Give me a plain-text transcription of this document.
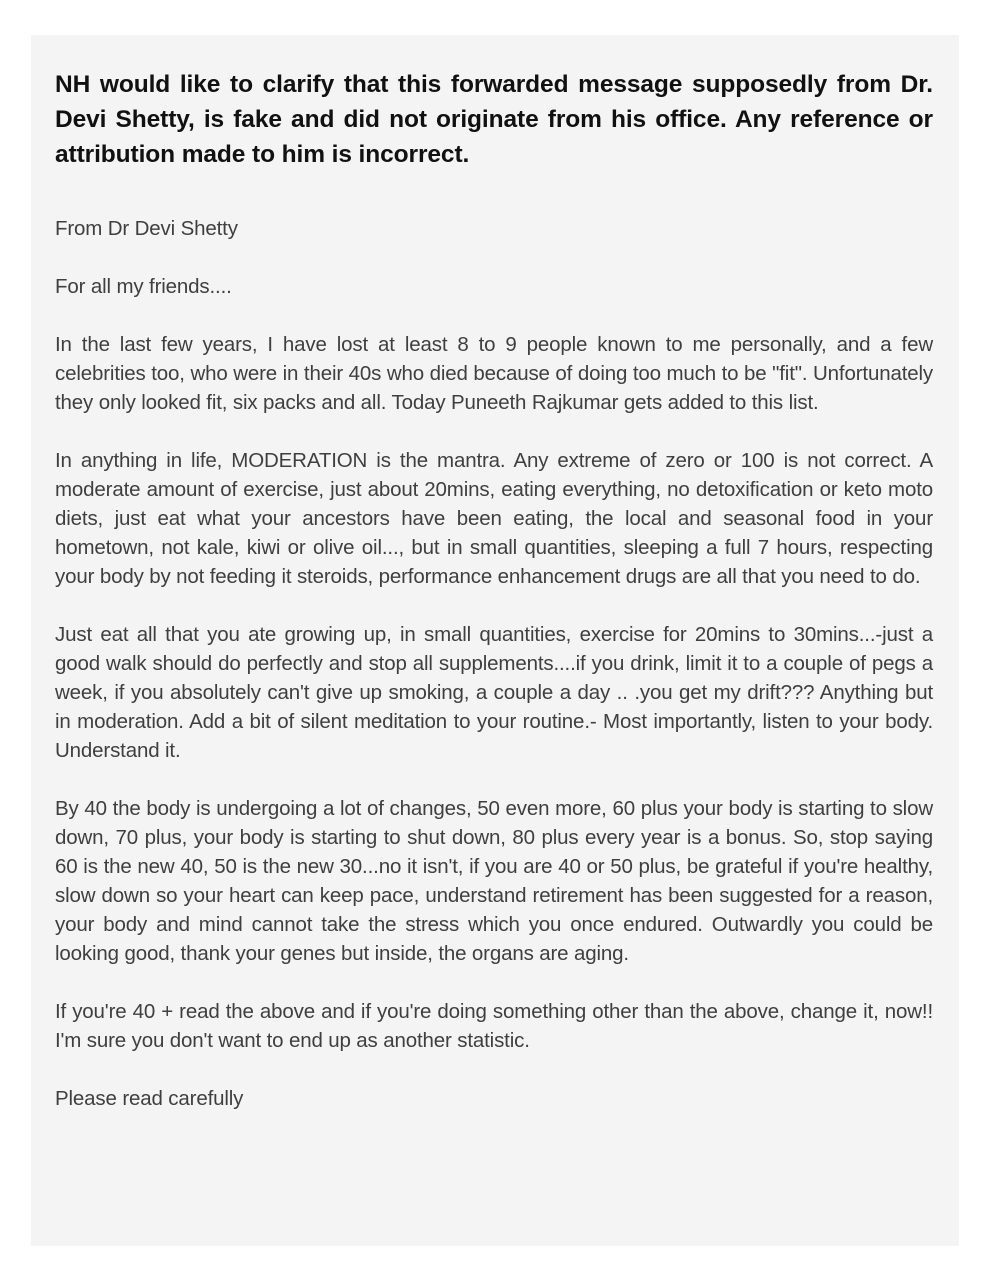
NH would like to clarify that this forwarded message supposedly from Dr. Devi Shetty, is fake and did not originate from his office. Any reference or attribution made to him is incorrect.

From Dr Devi Shetty

For all my friends....

In the last few years, I have lost at least 8 to 9 people known to me personally, and a few celebrities too, who were in their 40s who died because of doing too much to be "fit". Unfortunately they only looked fit, six packs and all. Today Puneeth Rajkumar gets added to this list.

In anything in life, MODERATION is the mantra. Any extreme of zero or 100 is not correct. A moderate amount of exercise, just about 20mins, eating everything, no detoxification or keto moto diets, just eat what your ancestors have been eating, the local and seasonal food in your hometown, not kale, kiwi or olive oil..., but in small quantities, sleeping a full 7 hours, respecting your body by not feeding it steroids, performance enhancement drugs are all that you need to do.

Just eat all that you ate growing up, in small quantities, exercise for 20mins to 30mins...-just a good walk should do perfectly and stop all supplements....if you drink, limit it to a couple of pegs a week, if you absolutely can't give up smoking, a couple a day .. .you get my drift??? Anything but in moderation. Add a bit of silent meditation to your routine.- Most importantly, listen to your body. Understand it.

By 40 the body is undergoing a lot of changes, 50 even more, 60 plus your body is starting to slow down, 70 plus, your body is starting to shut down, 80 plus every year is a bonus. So, stop saying 60 is the new 40, 50 is the new 30...no it isn't, if you are 40 or 50 plus, be grateful if you're healthy, slow down so your heart can keep pace, understand retirement has been suggested for a reason, your body and mind cannot take the stress which you once endured. Outwardly you could be looking good, thank your genes but inside, the organs are aging.

If you're 40 + read the above and if you're doing something other than the above, change it, now!! I'm sure you don't want to end up as another statistic.

Please read carefully
